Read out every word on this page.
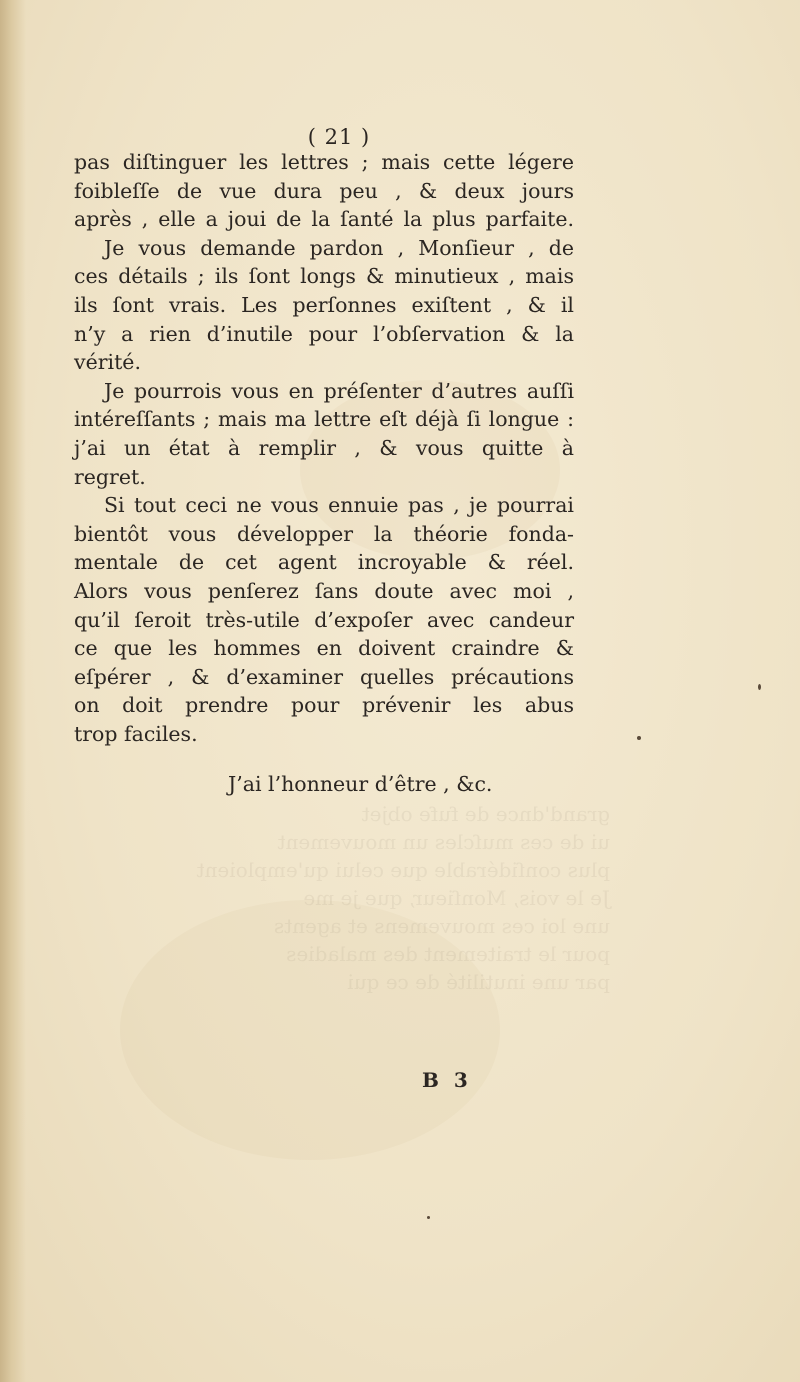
grand'dnce de fufe objet
ui de ces muſcles un mouvement
plus conſidérable que celui qu'emploient
Je le vois, Monſieur, que je me
une loi ces mouvemens et agents
pour le traitement des maladies
par une inutilité de ce qui
( 21 )
pas diſtinguer les lettres ; mais cette légere
foibleſſe de vue dura peu , & deux jours
après , elle a joui de la ſanté la plus parfaite.
Je vous demande pardon , Monſieur , de
ces détails ; ils ſont longs & minutieux , mais
ils ſont vrais. Les perſonnes exiſtent , & il
n’y a rien d’inutile pour l’obſervation & la
vérité.
Je pourrois vous en préſenter d’autres auſſi
intéreſſants ; mais ma lettre eſt déjà ſi longue :
j’ai un état à remplir , & vous quitte à
regret.
Si tout ceci ne vous ennuie pas , je pourrai
bientôt vous développer la théorie fonda-
mentale de cet agent incroyable & réel.
Alors vous penſerez ſans doute avec moi ,
qu’il ſeroit très-utile d’expoſer avec candeur
ce que les hommes en doivent craindre &
eſpérer , & d’examiner quelles précautions
on doit prendre pour prévenir les abus
trop faciles.
J’ai l’honneur d’être , &c.
B 3
